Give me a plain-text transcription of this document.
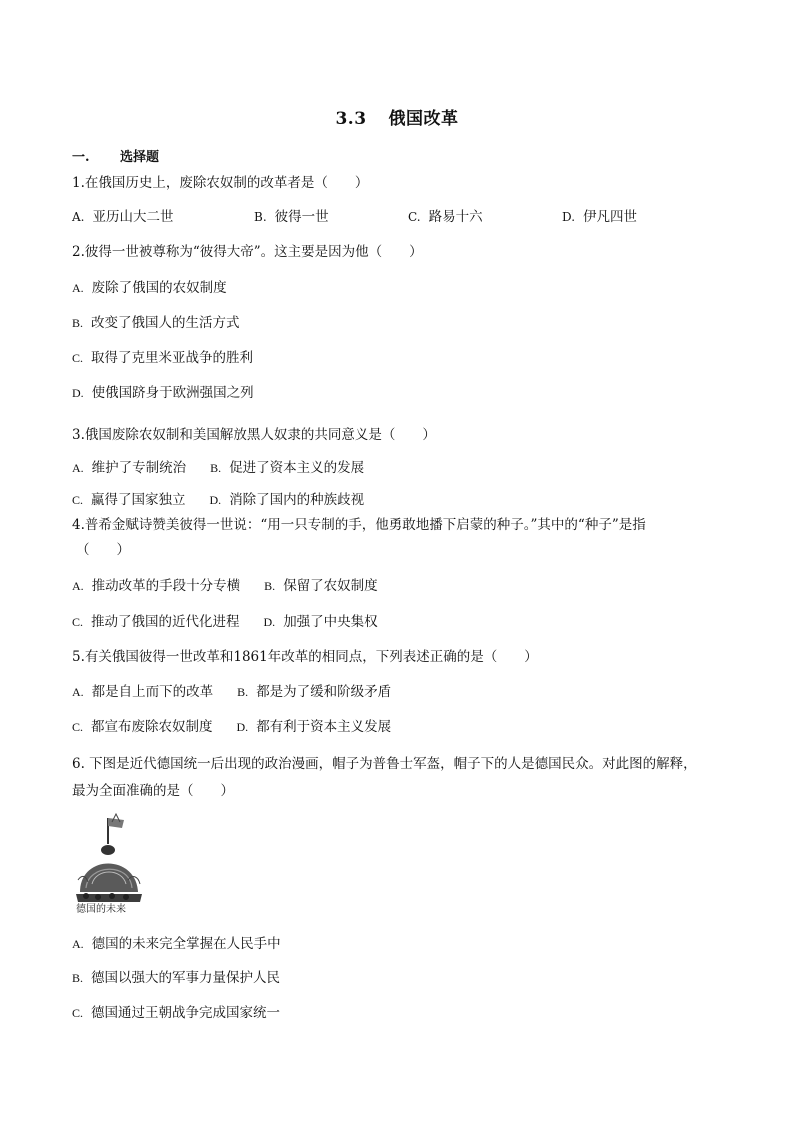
3.3 俄国改革
一. 选择题
1.在俄国历史上，废除农奴制的改革者是（　　）
A. 亚历山大二世	B. 彼得一世	C. 路易十六	D. 伊凡四世
2.彼得一世被尊称为“彼得大帝”。这主要是因为他（　　）
A. 废除了俄国的农奴制度
B. 改变了俄国人的生活方式
C. 取得了克里米亚战争的胜利
D. 使俄国跻身于欧洲强国之列
3.俄国废除农奴制和美国解放黑人奴隶的共同意义是（　　）
A. 维护了专制统治 B. 促进了资本主义的发展
C. 赢得了国家独立 D. 消除了国内的种族歧视
4.普希金赋诗赞美彼得一世说：“用一只专制的手，他勇敢地播下启蒙的种子。”其中的“种子”是指
（　　）
A. 推动改革的手段十分专横 B. 保留了农奴制度
C. 推动了俄国的近代化进程 D. 加强了中央集权
5.有关俄国彼得一世改革和1861年改革的相同点，下列表述正确的是（　　）
A. 都是自上而下的改革 B. 都是为了缓和阶级矛盾
C. 都宣布废除农奴制度 D. 都有利于资本主义发展
6. 下图是近代德国统一后出现的政治漫画，帽子为普鲁士军盔，帽子下的人是德国民众。对此图的解释，
最为全面准确的是（　　）
德国的未来
A. 德国的未来完全掌握在人民手中
B. 德国以强大的军事力量保护人民
C. 德国通过王朝战争完成国家统一
